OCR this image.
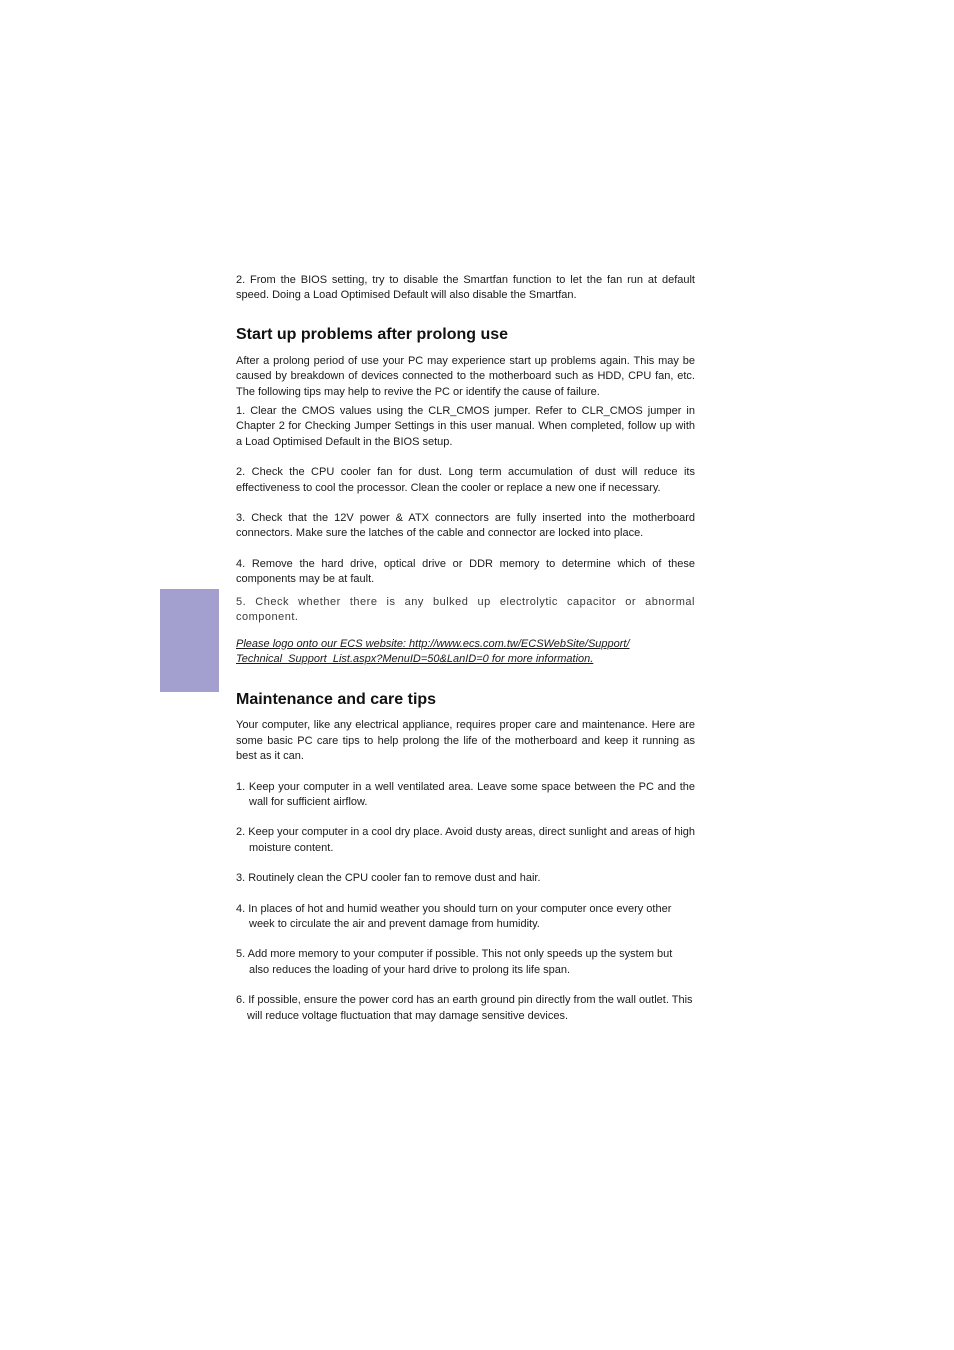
2. From the BIOS setting, try to disable the Smartfan function to let the fan run at default speed. Doing a Load Optimised Default will also disable the Smartfan.

Start up problems after prolong use

After a prolong period of use your PC may experience start up problems again. This may be caused by breakdown of devices connected to the motherboard such as HDD, CPU fan, etc. The following tips may help to revive the PC or identify the cause of failure.

1. Clear the CMOS values using the CLR_CMOS jumper. Refer to CLR_CMOS jumper in Chapter 2 for Checking Jumper Settings in this user manual. When completed, follow up with a Load Optimised Default in the BIOS setup.

2. Check the CPU cooler fan for dust. Long term accumulation of dust will reduce its effectiveness to cool the processor. Clean the cooler or replace a new one if necessary.

3. Check that the 12V power & ATX connectors are fully inserted into the motherboard connectors. Make sure the latches of the cable and connector are locked into place.

4. Remove the hard drive, optical drive or DDR memory to determine which of these components may be at fault.

5. Check whether there is any bulked up electrolytic capacitor or abnormal component.

Please logo onto our ECS website: http://www.ecs.com.tw/ECSWebSite/Support/

Technical_Support_List.aspx?MenuID=50&LanID=0 for more information.

Maintenance and care tips

Your computer, like any electrical appliance, requires proper care and maintenance. Here are some basic PC care tips to help prolong the life of the motherboard and keep it running as best as it can.

1. Keep your computer in a well ventilated area. Leave some space between the PC and the wall for sufficient airflow.

2. Keep your computer in a cool dry place. Avoid dusty areas, direct sunlight and areas of high moisture content.

3. Routinely clean the CPU cooler fan to remove dust and hair.

4. In places of hot and humid weather you should turn on your computer once every other week to circulate the air and prevent damage from humidity.

5. Add more memory to your computer if possible. This not only speeds up the system but also reduces the loading of your hard drive to prolong its life span.

6. If possible, ensure the power cord has an earth ground pin directly from the wall outlet. This will reduce voltage fluctuation that may damage sensitive devices.
